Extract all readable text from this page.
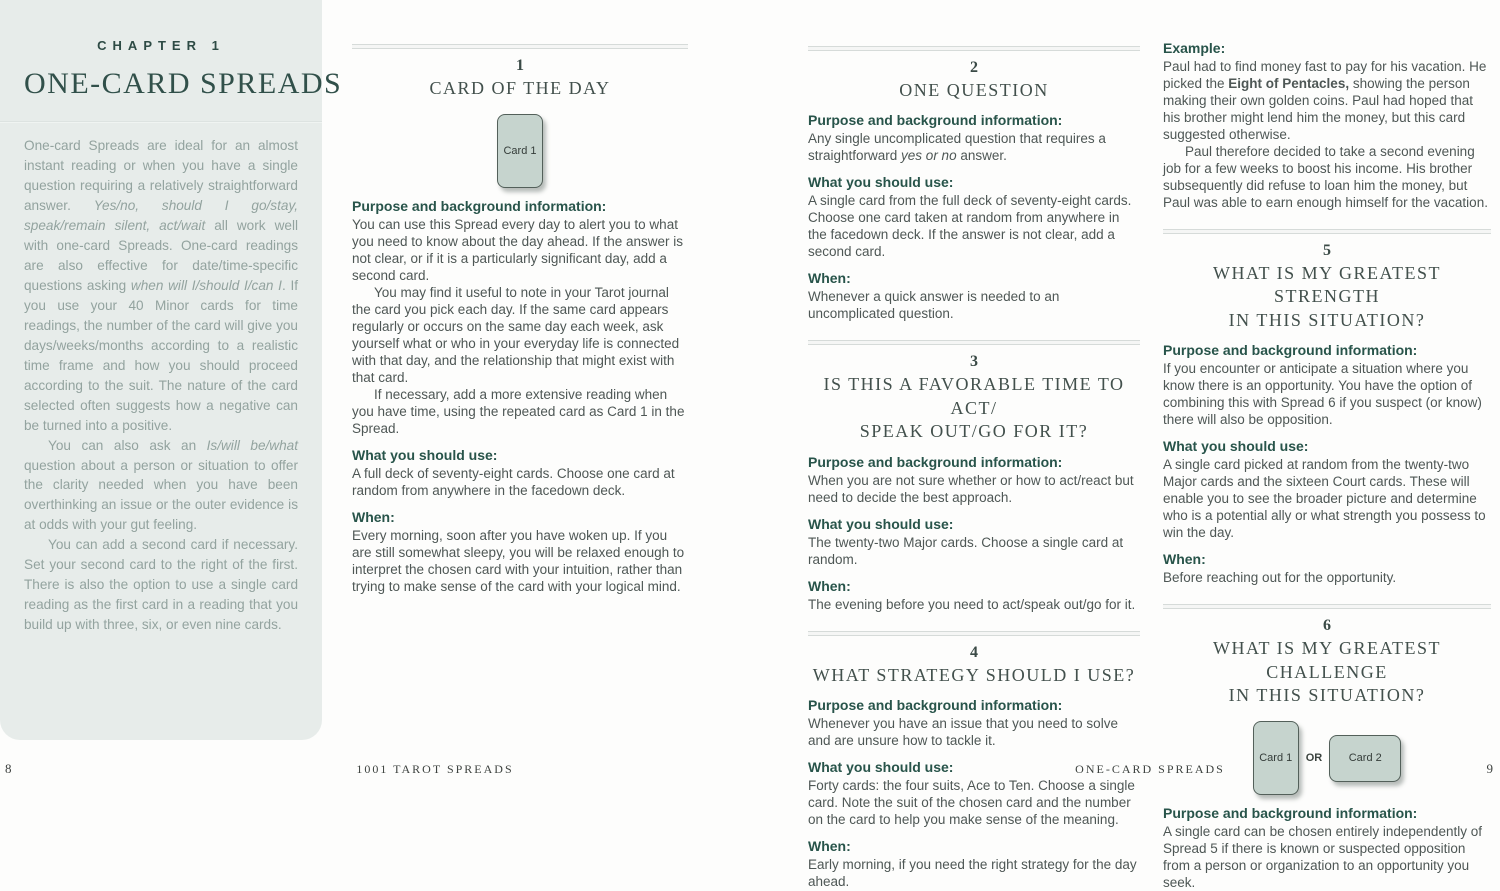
CHAPTER 1
ONE-CARD SPREADS

One-card Spreads are ideal for an almost instant reading or when you have a single question requiring a relatively straightforward answer. Yes/no, should I go/stay, speak/remain silent, act/wait all work well with one-card Spreads. One-card readings are also effective for date/time-specific questions asking when will I/should I/can I. If you use your 40 Minor cards for time readings, the number of the card will give you days/weeks/months according to a realistic time frame and how you should proceed according to the suit. The nature of the card selected often suggests how a negative can be turned into a positive.

You can also ask an Is/will be/what question about a person or situation to offer the clarity needed when you have been overthinking an issue or the outer evidence is at odds with your gut feeling.

You can add a second card if necessary. Set your second card to the right of the first. There is also the option to use a single card reading as the first card in a reading that you build up with three, six, or even nine cards.

1
CARD OF THE DAY
Card 1
Purpose and background information:

You can use this Spread every day to alert you to what you need to know about the day ahead. If the answer is not clear, or if it is a particularly significant day, add a second card.

You may find it useful to note in your Tarot journal the card you pick each day. If the same card appears regularly or occurs on the same day each week, ask yourself what or who in your everyday life is connected with that day, and the relationship that might exist with that card.

If necessary, add a more extensive reading when you have time, using the repeated card as Card 1 in the Spread.

What you should use:

A full deck of seventy-eight cards. Choose one card at random from anywhere in the facedown deck.

When:

Every morning, soon after you have woken up. If you are still somewhat sleepy, you will be relaxed enough to interpret the chosen card with your intuition, rather than trying to make sense of the card with your logical mind.

2
ONE QUESTION
Purpose and background information:

Any single uncomplicated question that requires a straightforward yes or no answer.

What you should use:

A single card from the full deck of seventy-eight cards. Choose one card taken at random from anywhere in the facedown deck. If the answer is not clear, add a second card.

When:

Whenever a quick answer is needed to an uncomplicated question.

3
IS THIS A FAVORABLE TIME TO ACT/
SPEAK OUT/GO FOR IT?
Purpose and background information:

When you are not sure whether or how to act/react but need to decide the best approach.

What you should use:

The twenty-two Major cards. Choose a single card at random.

When:

The evening before you need to act/speak out/go for it.

4
WHAT STRATEGY SHOULD I USE?
Purpose and background information:

Whenever you have an issue that you need to solve and are unsure how to tackle it.

What you should use:

Forty cards: the four suits, Ace to Ten. Choose a single card. Note the suit of the chosen card and the number on the card to help you make sense of the meaning.

When:

Early morning, if you need the right strategy for the day ahead.

Example:

Paul had to find money fast to pay for his vacation. He picked the Eight of Pentacles, showing the person making their own golden coins. Paul had hoped that his brother might lend him the money, but this card suggested otherwise.

Paul therefore decided to take a second evening job for a few weeks to boost his income. His brother subsequently did refuse to loan him the money, but Paul was able to earn enough himself for the vacation.

5
WHAT IS MY GREATEST STRENGTH
IN THIS SITUATION?
Purpose and background information:

If you encounter or anticipate a situation where you know there is an opportunity. You have the option of combining this with Spread 6 if you suspect (or know) there will also be opposition.

What you should use:

A single card picked at random from the twenty-two Major cards and the sixteen Court cards. These will enable you to see the broader picture and determine who is a potential ally or what strength you possess to win the day.

When:

Before reaching out for the opportunity.

6
WHAT IS MY GREATEST CHALLENGE
IN THIS SITUATION?
Card 1 OR Card 2
Purpose and background information:

A single card can be chosen entirely independently of Spread 5 if there is known or suspected opposition from a person or organization to an opportunity you seek.

8	1001 TAROT SPREADS	ONE-CARD SPREADS	9
